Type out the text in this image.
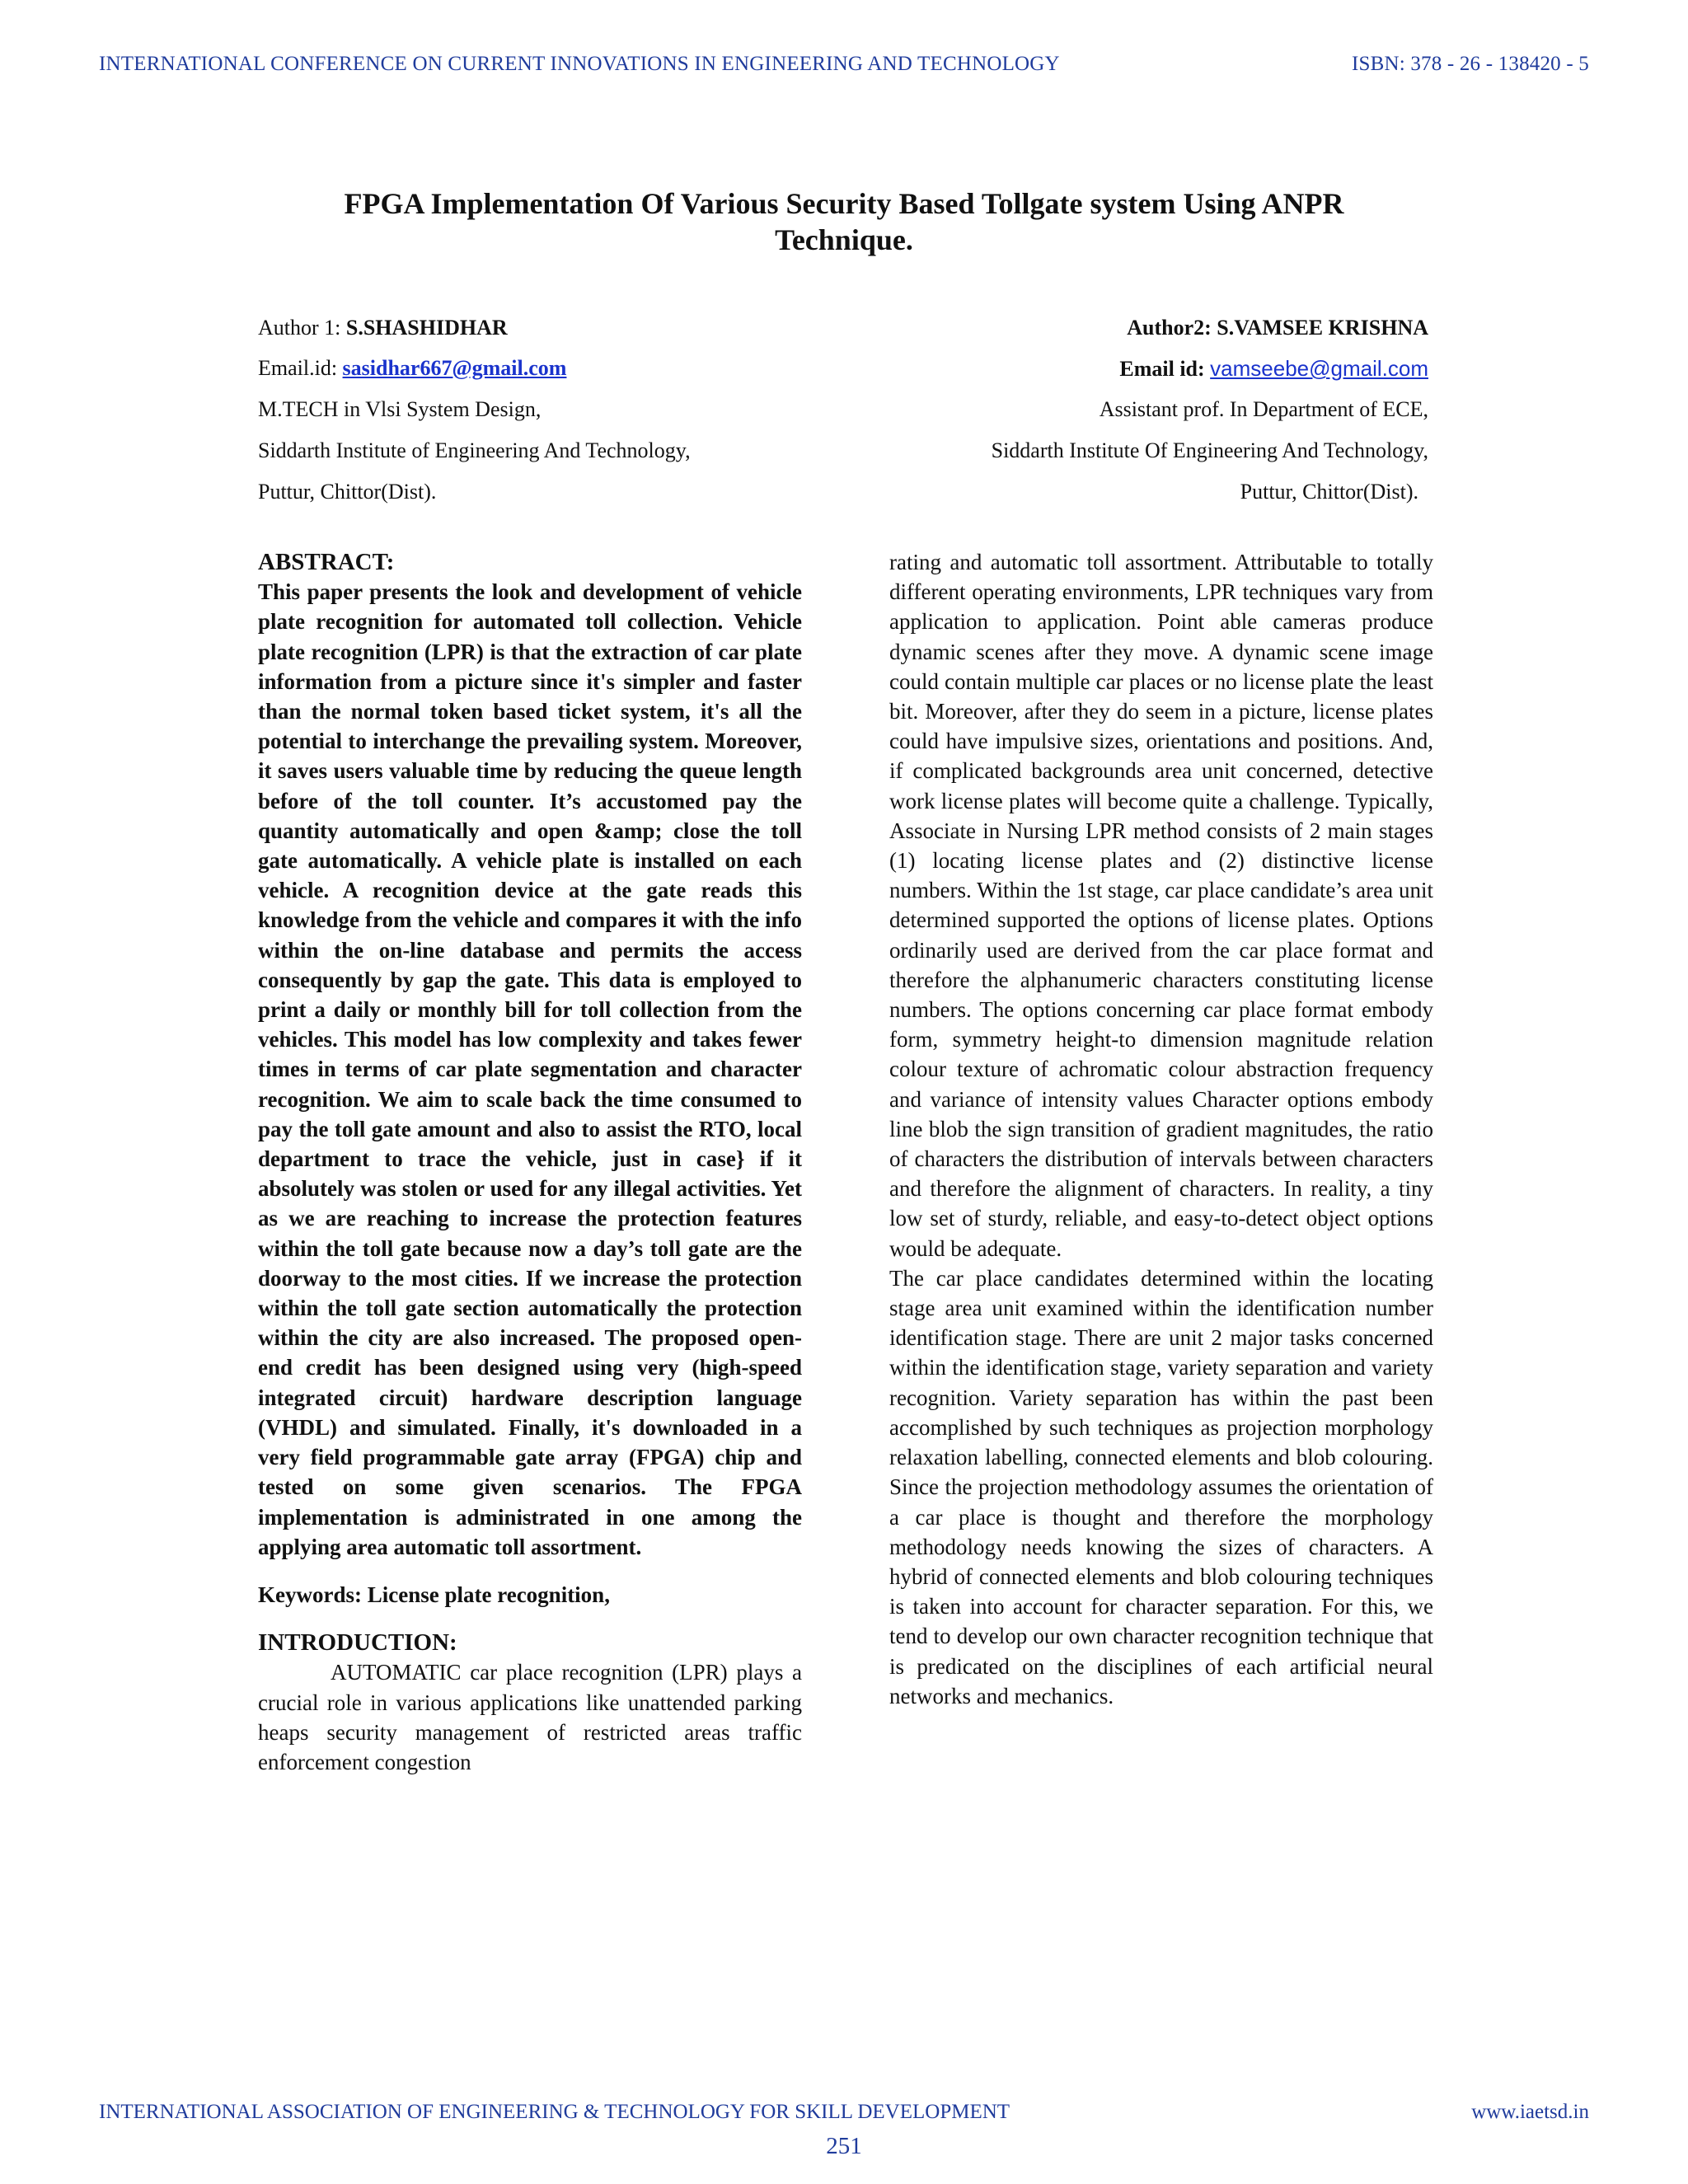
INTERNATIONAL CONFERENCE ON CURRENT INNOVATIONS IN ENGINEERING AND TECHNOLOGY	ISBN: 378 - 26 - 138420 - 5
FPGA Implementation Of Various Security Based Tollgate system Using ANPR
Technique.
Author 1: S.SHASHIDHAR
Email.id: sasidhar667@gmail.com
M.TECH in Vlsi System Design,
Siddarth Institute of Engineering And Technology,
Puttur, Chittor(Dist).
Author2: S.VAMSEE KRISHNA
Email id: vamseebe@gmail.com
Assistant prof. In Department of ECE,
Siddarth Institute Of Engineering And Technology,
Puttur, Chittor(Dist).
ABSTRACT:
This paper presents the look and development of vehicle plate recognition for automated toll collection. Vehicle plate recognition (LPR) is that the extraction of car plate information from a picture since it's simpler and faster than the normal token based ticket system, it's all the potential to interchange the prevailing system. Moreover, it saves users valuable time by reducing the queue length before of the toll counter. It’s accustomed pay the quantity automatically and open &amp; close the toll gate automatically. A vehicle plate is installed on each vehicle. A recognition device at the gate reads this knowledge from the vehicle and compares it with the info within the on-line database and permits the access consequently by gap the gate. This data is employed to print a daily or monthly bill for toll collection from the vehicles. This model has low complexity and takes fewer times in terms of car plate segmentation and character recognition. We aim to scale back the time consumed to pay the toll gate amount and also to assist the RTO, local department to trace the vehicle, just in case} if it absolutely was stolen or used for any illegal activities. Yet as we are reaching to increase the protection features within the toll gate because now a day’s toll gate are the doorway to the most cities. If we increase the protection within the toll gate section automatically the protection within the city are also increased. The proposed open-end credit has been designed using very (high-speed integrated circuit) hardware description language (VHDL) and simulated. Finally, it's downloaded in a very field programmable gate array (FPGA) chip and tested on some given scenarios. The FPGA implementation is administrated in one among the applying area automatic toll assortment.
Keywords: License plate recognition,
INTRODUCTION:
AUTOMATIC car place recognition (LPR) plays a crucial role in various applications like unattended parking heaps security management of restricted areas traffic enforcement congestion
rating and automatic toll assortment. Attributable to totally different operating environments, LPR techniques vary from application to application. Point able cameras produce dynamic scenes after they move. A dynamic scene image could contain multiple car places or no license plate the least bit. Moreover, after they do seem in a picture, license plates could have impulsive sizes, orientations and positions. And, if complicated backgrounds area unit concerned, detective work license plates will become quite a challenge. Typically, Associate in Nursing LPR method consists of 2 main stages (1) locating license plates and (2) distinctive license numbers. Within the 1st stage, car place candidate’s area unit determined supported the options of license plates. Options ordinarily used are derived from the car place format and therefore the alphanumeric characters constituting license numbers. The options concerning car place format embody form, symmetry height-to dimension magnitude relation colour texture of achromatic colour abstraction frequency and variance of intensity values Character options embody line blob the sign transition of gradient magnitudes, the ratio of characters the distribution of intervals between characters and therefore the alignment of characters. In reality, a tiny low set of sturdy, reliable, and easy-to-detect object options would be adequate.
The car place candidates determined within the locating stage area unit examined within the identification number identification stage. There are unit 2 major tasks concerned within the identification stage, variety separation and variety recognition. Variety separation has within the past been accomplished by such techniques as projection morphology relaxation labelling, connected elements and blob colouring. Since the projection methodology assumes the orientation of a car place is thought and therefore the morphology methodology needs knowing the sizes of characters. A hybrid of connected elements and blob colouring techniques is taken into account for character separation. For this, we tend to develop our own character recognition technique that is predicated on the disciplines of each artificial neural networks and mechanics.
INTERNATIONAL ASSOCIATION OF ENGINEERING & TECHNOLOGY FOR SKILL DEVELOPMENT	www.iaetsd.in
251
